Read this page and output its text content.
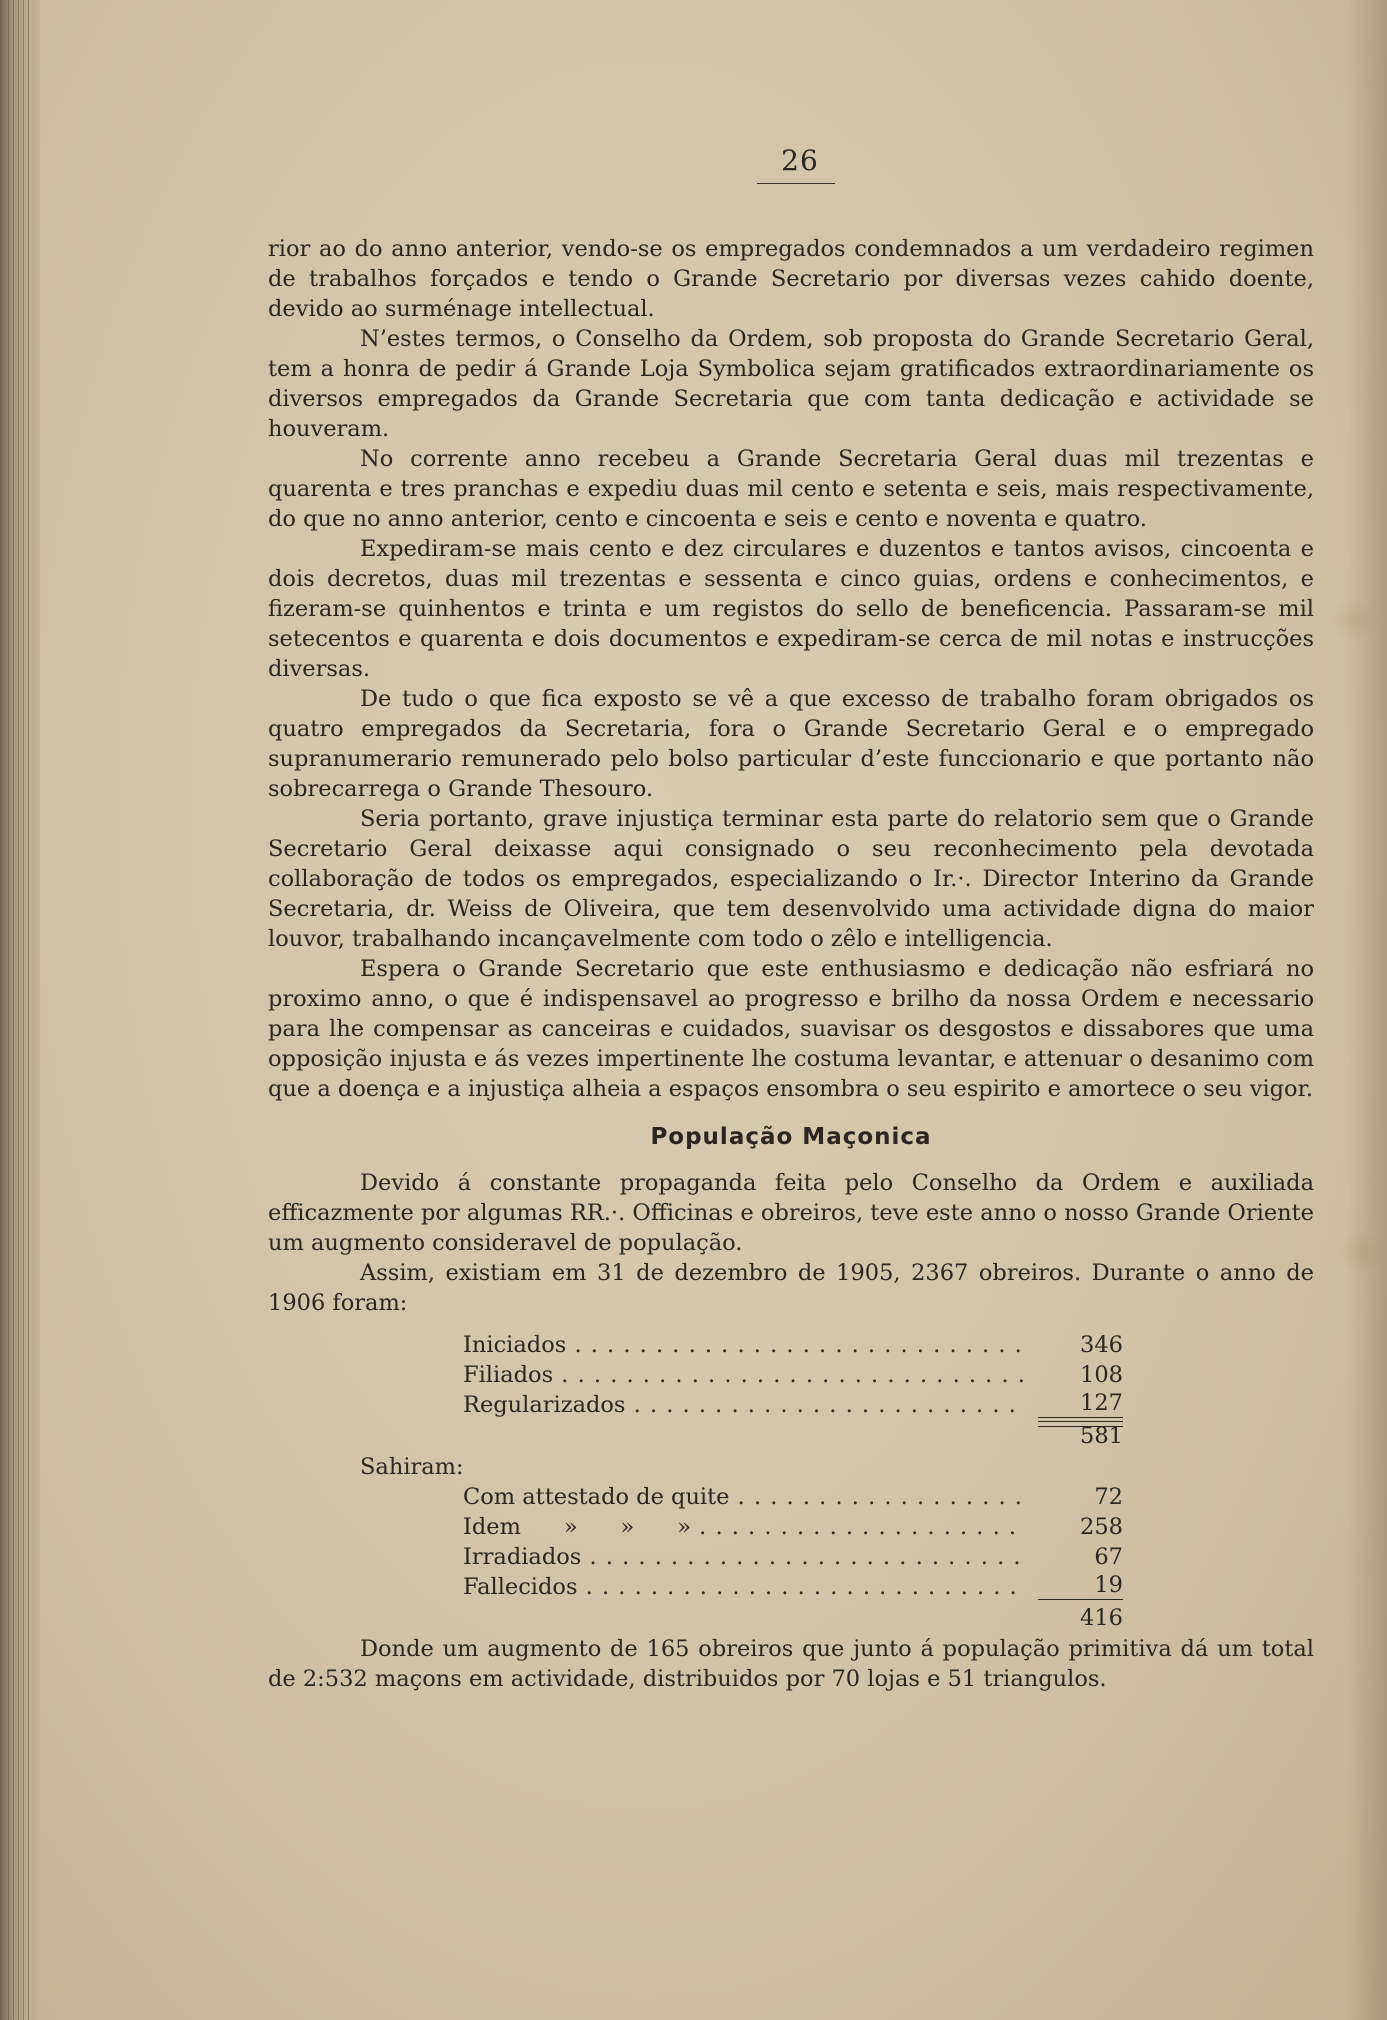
26

rior ao do anno anterior, vendo-se os empregados condemnados a um verdadeiro regimen de trabalhos forçados e tendo o Grande Secretario por diversas vezes cahido doente, devido ao surménage intellectual.

N’estes termos, o Conselho da Ordem, sob proposta do Grande Secretario Geral, tem a honra de pedir á Grande Loja Symbolica sejam gratificados extraordinariamente os diversos empregados da Grande Secretaria que com tanta dedicação e actividade se houveram.

No corrente anno recebeu a Grande Secretaria Geral duas mil trezentas e quarenta e tres pranchas e expediu duas mil cento e setenta e seis, mais respectivamente, do que no anno anterior, cento e cincoenta e seis e cento e noventa e quatro.

Expediram-se mais cento e dez circulares e duzentos e tantos avisos, cincoenta e dois decretos, duas mil trezentas e sessenta e cinco guias, ordens e conhecimentos, e fizeram-se quinhentos e trinta e um registos do sello de beneficencia. Passaram-se mil setecentos e quarenta e dois documentos e expediram-se cerca de mil notas e instrucções diversas.

De tudo o que fica exposto se vê a que excesso de trabalho foram obrigados os quatro empregados da Secretaria, fora o Grande Secretario Geral e o empregado supranumerario remunerado pelo bolso particular d’este funccionario e que portanto não sobrecarrega o Grande Thesouro.

Seria portanto, grave injustiça terminar esta parte do relatorio sem que o Grande Secretario Geral deixasse aqui consignado o seu reconhecimento pela devotada collaboração de todos os empregados, especializando o Ir.·. Director Interino da Grande Secretaria, dr. Weiss de Oliveira, que tem desenvolvido uma actividade digna do maior louvor, trabalhando incançavelmente com todo o zêlo e intelligencia.

Espera o Grande Secretario que este enthusiasmo e dedicação não esfriará no proximo anno, o que é indispensavel ao progresso e brilho da nossa Ordem e necessario para lhe compensar as canceiras e cuidados, suavisar os desgostos e dissabores que uma opposição injusta e ás vezes impertinente lhe costuma levantar, e attenuar o desanimo com que a doença e a injustiça alheia a espaços ensombra o seu espirito e amortece o seu vigor.

População Maçonica

Devido á constante propaganda feita pelo Conselho da Ordem e auxiliada efficazmente por algumas RR.·. Officinas e obreiros, teve este anno o nosso Grande Oriente um augmento consideravel de população.

Assim, existiam em 31 de dezembro de 1905, 2367 obreiros. Durante o anno de 1906 foram:

Iniciados . . .	346
Filiados . . .	108
Regularizados . . .	127
581
Sahiram:
Com attestado de quite . . .	72
Idem      »      »      » . . .	258
Irradiados . . .	67
Fallecidos . . .	19
416

Donde um augmento de 165 obreiros que junto á população primitiva dá um total de 2:532 maçons em actividade, distribuidos por 70 lojas e 51 triangulos.
